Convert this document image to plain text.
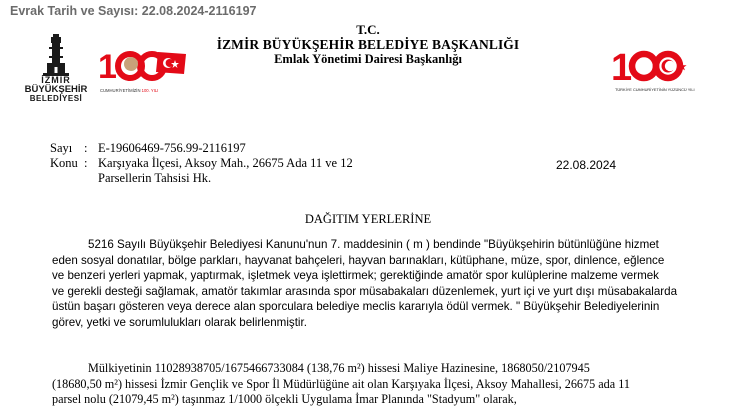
Evrak Tarih ve Sayısı: 22.08.2024-2116197
İZMİR
BÜYÜKŞEHİR
BELEDİYESİ
1
CUMHURİYETİMİZİN 100. YILI
T.C.
İZMİR BÜYÜKŞEHİR BELEDİYE BAŞKANLIĞI
Emlak Yönetimi Dairesi Başkanlığı	1
TÜRKİYE CUMHURİYETİNİN YÜZÜNCÜ YILI
Sayı : E-19606469-756.99-2116197
Konu : Karşıyaka İlçesi, Aksoy Mah., 26675 Ada 11 ve 12
Parsellerin Tahsisi Hk.
22.08.2024
DAĞITIM YERLERİNE
5216 Sayılı Büyükşehir Belediyesi Kanunu'nun 7. maddesinin ( m ) bendinde "Büyükşehirin bütünlüğüne hizmet
eden sosyal donatılar, bölge parkları, hayvanat bahçeleri, hayvan barınakları, kütüphane, müze, spor, dinlence, eğlence
ve benzeri yerleri yapmak, yaptırmak, işletmek veya işlettirmek; gerektiğinde amatör spor kulüplerine malzeme vermek
ve gerekli desteği sağlamak, amatör takımlar arasında spor müsabakaları düzenlemek, yurt içi ve yurt dışı müsabakalarda
üstün başarı gösteren veya derece alan sporculara belediye meclis kararıyla ödül vermek. " Büyükşehir Belediyelerinin
görev, yetki ve sorumlulukları olarak belirlenmiştir.
Mülkiyetinin 11028938705/1675466733084 (138,76 m²) hissesi Maliye Hazinesine, 1868050/2107945
(18680,50 m²) hissesi İzmir Gençlik ve Spor İl Müdürlüğüne ait olan Karşıyaka İlçesi, Aksoy Mahallesi, 26675 ada 11
parsel nolu (21079,45 m²) taşınmaz 1/1000 ölçekli Uygulama İmar Planında "Stadyum" olarak,
